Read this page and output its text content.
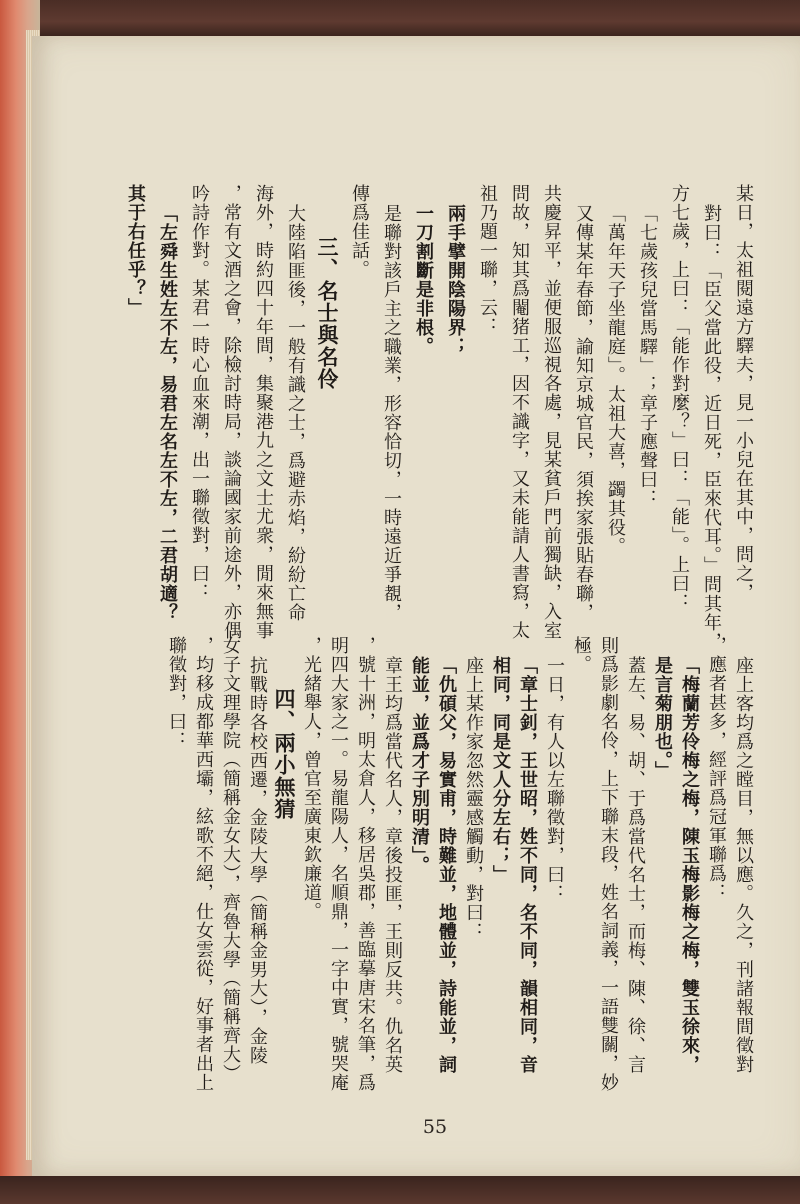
某日，太祖閱遠方驛夫，見一小兒在其中，問之，

對曰：「臣父當此役，近日死，臣來代耳。」問其年，

方七歲，上曰：「能作對麼？」曰：「能」。上曰：

「七歲孩兒當馬驛」；章子應聲曰：

「萬年天子坐龍庭」。太祖大喜，蠲其役。

又傳某年春節，諭知京城官民，須挨家張貼春聯，

共慶昇平，並便服巡視各處，見某貧戶門前獨缺，入室

問故，知其爲閹猪工，因不識字，又未能請人書寫，太

祖乃題一聯，云：

兩手擘開陰陽界；

一刀割斷是非根。

是聯對該戶主之職業，形容恰切，一時遠近爭覩，

傳爲佳話。

三、名士與名伶

大陸陷匪後，一般有識之士，爲避赤焰，紛紛亡命

海外，時約四十年間，集聚港九之文士尤衆，閒來無事

，常有文酒之會，除檢討時局，談論國家前途外，亦偶

吟詩作對。某君一時心血來潮，出一聯徵對，曰：

「左舜生姓左不左，易君左名左不左，二君胡適？

其于右任乎？」

座上客均爲之瞠目，無以應。久之，刊諸報間徵對

，應者甚多，經評爲冠軍聯爲：

「梅蘭芳伶梅之梅，陳玉梅影梅之梅，雙玉徐來，

是言菊朋也。」

蓋左、易、胡、于爲當代名士，而梅、陳、徐、言

則爲影劇名伶，上下聯末段，姓名詞義，一語雙關，妙

極。

一日，有人以左聯徵對，曰：

「章士釗，王世昭，姓不同，名不同，韻相同，音

相同，同是文人分左右；」

座上某作家忽然靈感觸動，對曰：

「仇碩父，易實甫，時難並，地體並，詩能並，詞

能並，並爲才子別明清」。

章王均爲當代名人，章後投匪，王則反共。仇名英

，號十洲，明太倉人，移居吳郡，善臨摹唐宋名筆，爲

明四大家之一。易龍陽人，名順鼎，一字中實，號哭庵

，光緒舉人，曾官至廣東欽廉道。

四、兩小無猜

抗戰時各校西遷，金陵大學（簡稱金男大），金陵

女子文理學院（簡稱金女大），齊魯大學（簡稱齊大）

，均移成都華西壩，絃歌不絕，仕女雲從，好事者出上

聯徵對，曰：

55
